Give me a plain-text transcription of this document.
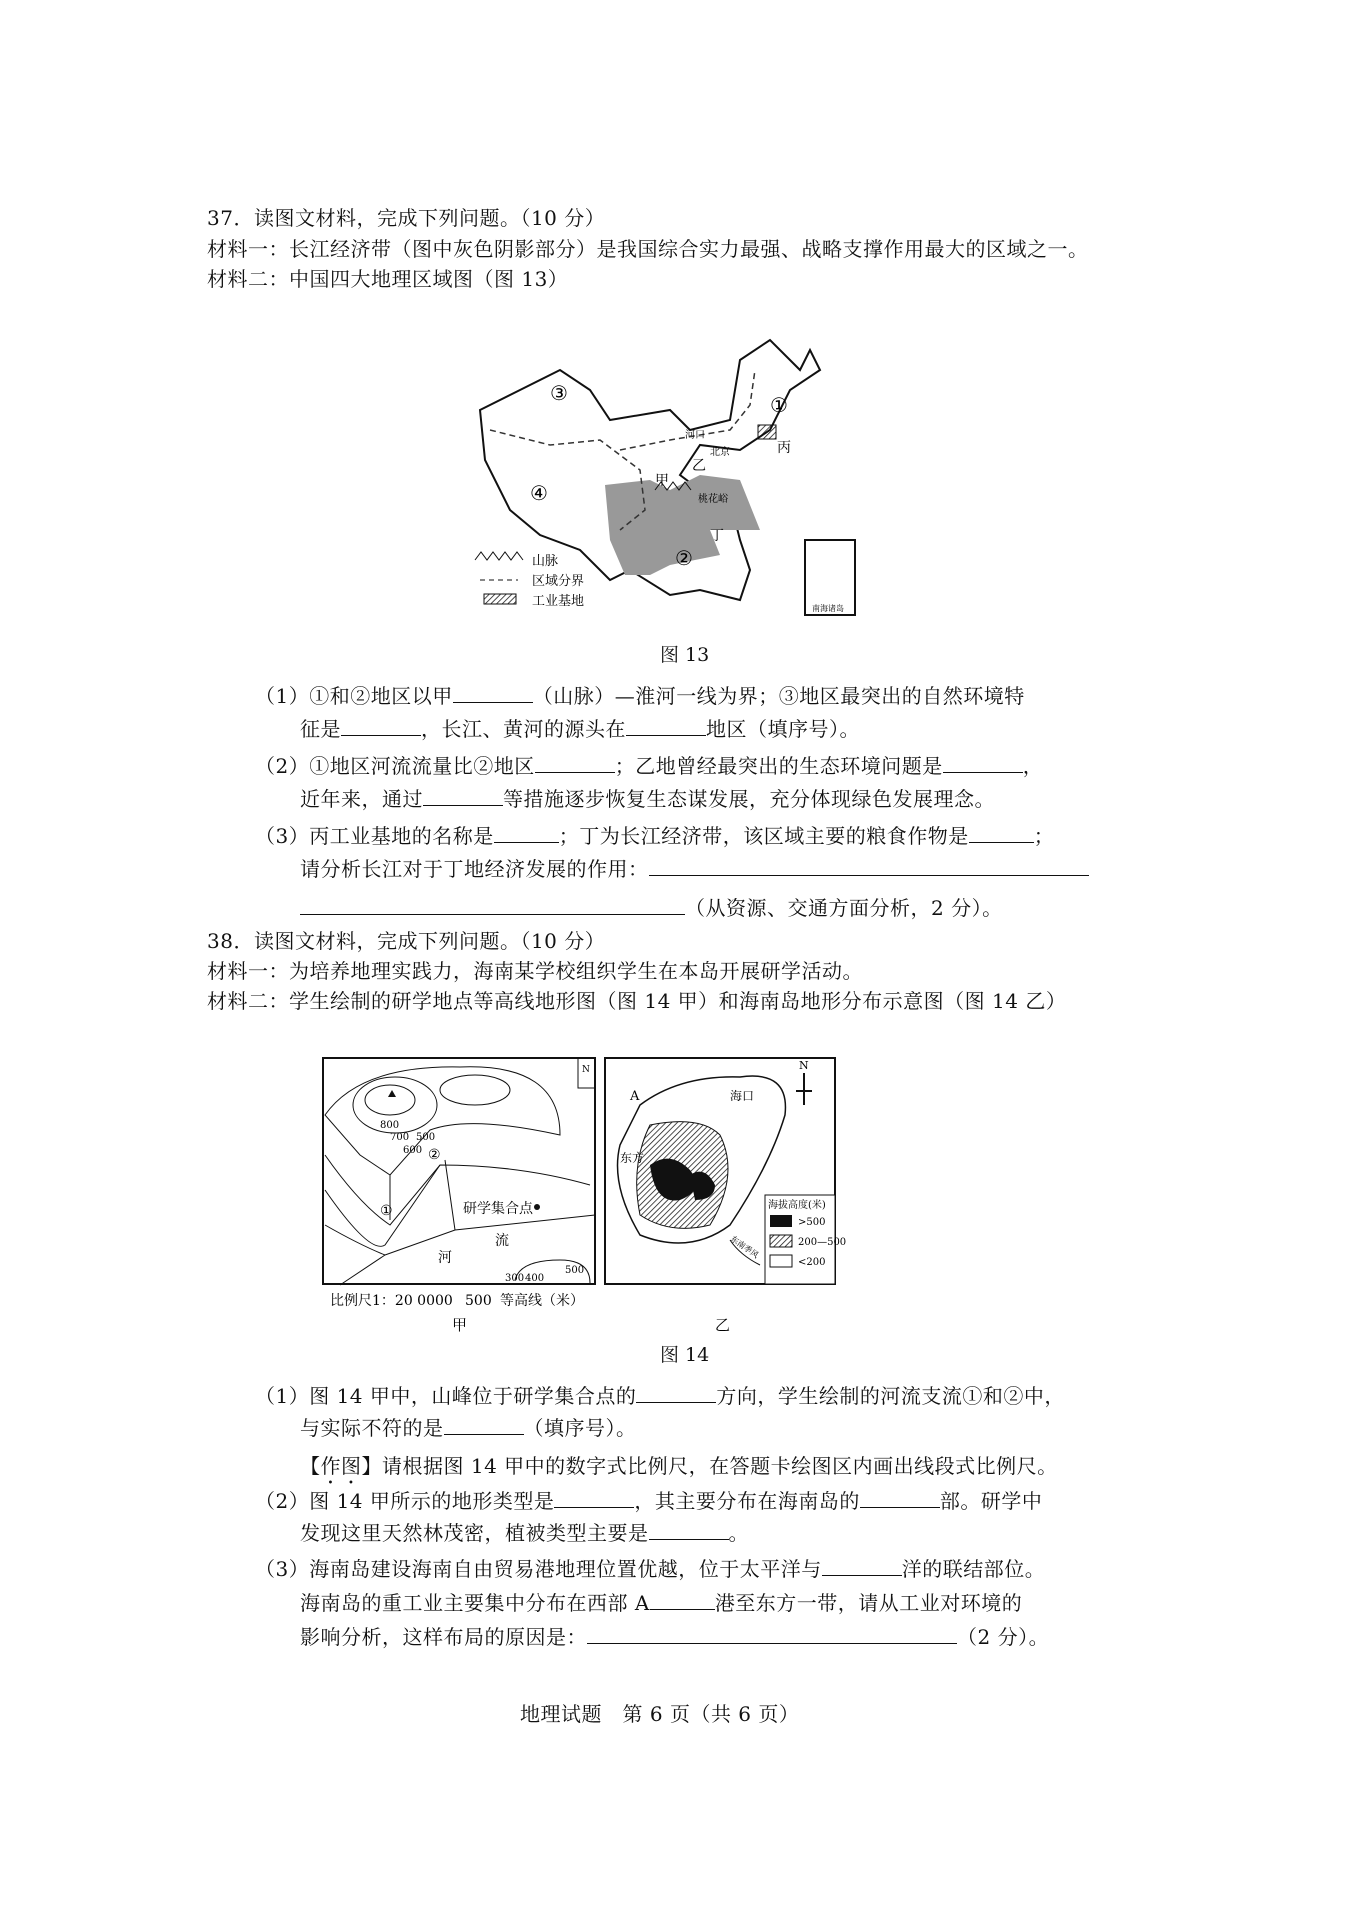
37．读图文材料，完成下列问题。（10 分）
材料一：长江经济带（图中灰色阴影部分）是我国综合实力最强、战略支撑作用最大的区域之一。
材料二：中国四大地理区域图（图 13）
③	①
②
④	甲
乙
丙
丁
河口
北京
桃花峪
南海诸岛
山脉
区域分界
工业基地
图 13
（1）①和②地区以甲	（山脉）—淮河一线为界；③地区最突出的自然环境特
征是	，长江、黄河的源头在	地区（填序号）。
（2）①地区河流流量比②地区	；乙地曾经最突出的生态环境问题是	，
近年来，通过	等措施逐步恢复生态谋发展，充分体现绿色发展理念。
（3）丙工业基地的名称是	；丁为长江经济带，该区域主要的粮食作物是	；
请分析长江对于丁地经济发展的作用：
（从资源、交通方面分析，2 分）。
38．读图文材料，完成下列问题。（10 分）
材料一：为培养地理实践力，海南某学校组织学生在本岛开展研学活动。
材料二：学生绘制的研学地点等高线地形图（图 14 甲）和海南岛地形分布示意图（图 14 乙）
N
800
700
600
500
300 400
500
①
②
研学集合点
河
流
比例尺1：20 0000 500 等高线（米）
甲
N
A	海口
东方
东南季风
海拔高度(米)
>500
200—500
<200
乙
图 14
（1）图 14 甲中，山峰位于研学集合点的	方向，学生绘制的河流支流①和②中，
与实际不符的是	（填序号）。
【作图】请根据图 14 甲中的数字式比例尺，在答题卡绘图区内画出线段式比例尺。
（2）图 14 甲所示的地形类型是	，其主要分布在海南岛的	部。研学中
发现这里天然林茂密，植被类型主要是	。
（3）海南岛建设海南自由贸易港地理位置优越，位于太平洋与	洋的联结部位。
海南岛的重工业主要集中分布在西部 A	港至东方一带，请从工业对环境的
影响分析，这样布局的原因是：	（2 分）。
地理试题　第 6 页（共 6 页）
